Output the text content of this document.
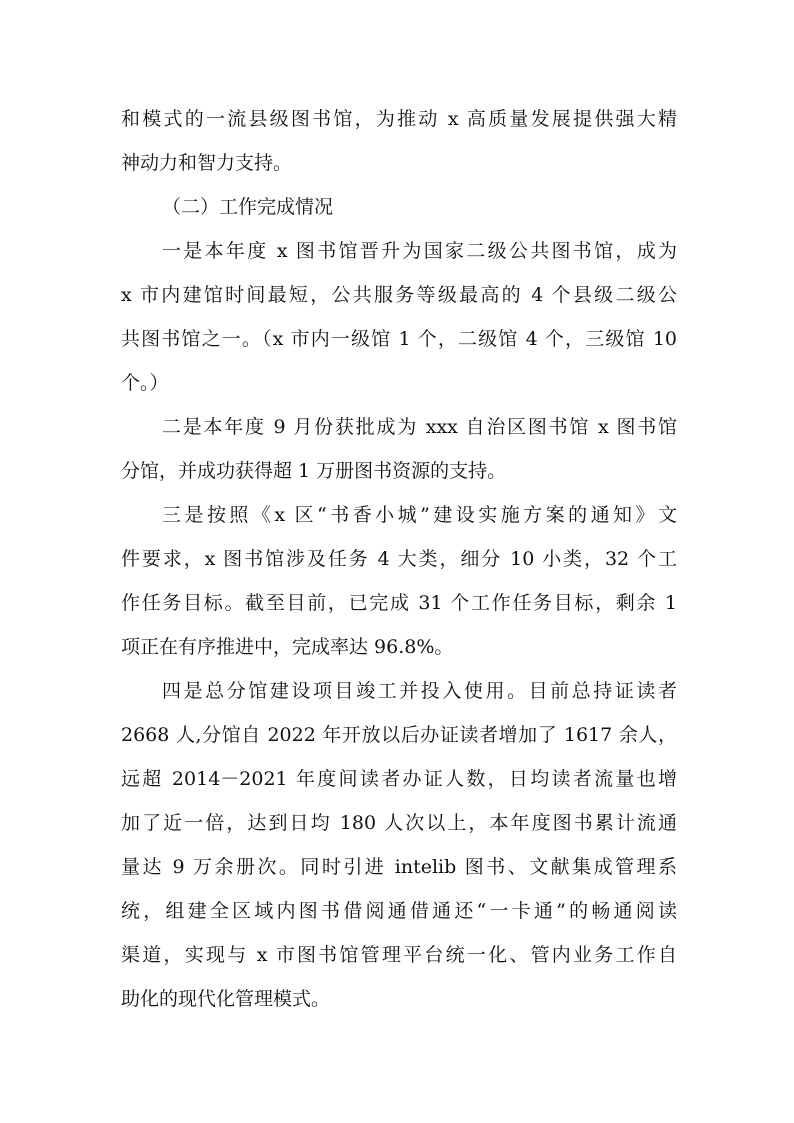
和模式的一流县级图书馆，为推动 x 高质量发展提供强大精
神动力和智力支持。
（二）工作完成情况
一是本年度 x 图书馆晋升为国家二级公共图书馆，成为
x 市内建馆时间最短，公共服务等级最高的 4 个县级二级公
共图书馆之一。（x 市内一级馆 1 个，二级馆 4 个，三级馆 10
个。）
二是本年度 9 月份获批成为 xxx 自治区图书馆 x 图书馆
分馆，并成功获得超 1 万册图书资源的支持。
三是按照《x 区“书香小城”建设实施方案的通知》文
件要求，x 图书馆涉及任务 4 大类，细分 10 小类，32 个工
作任务目标。截至目前，已完成 31 个工作任务目标，剩余 1
项正在有序推进中，完成率达 96.8%。
四是总分馆建设项目竣工并投入使用。目前总持证读者
2668 人,分馆自 2022 年开放以后办证读者增加了 1617 余人，
远超 2014－2021 年度间读者办证人数，日均读者流量也增
加了近一倍，达到日均 180 人次以上，本年度图书累计流通
量达 9 万余册次。同时引进 intelib 图书、文献集成管理系
统，组建全区域内图书借阅通借通还“一卡通”的畅通阅读
渠道，实现与 x 市图书馆管理平台统一化、管内业务工作自
助化的现代化管理模式。
